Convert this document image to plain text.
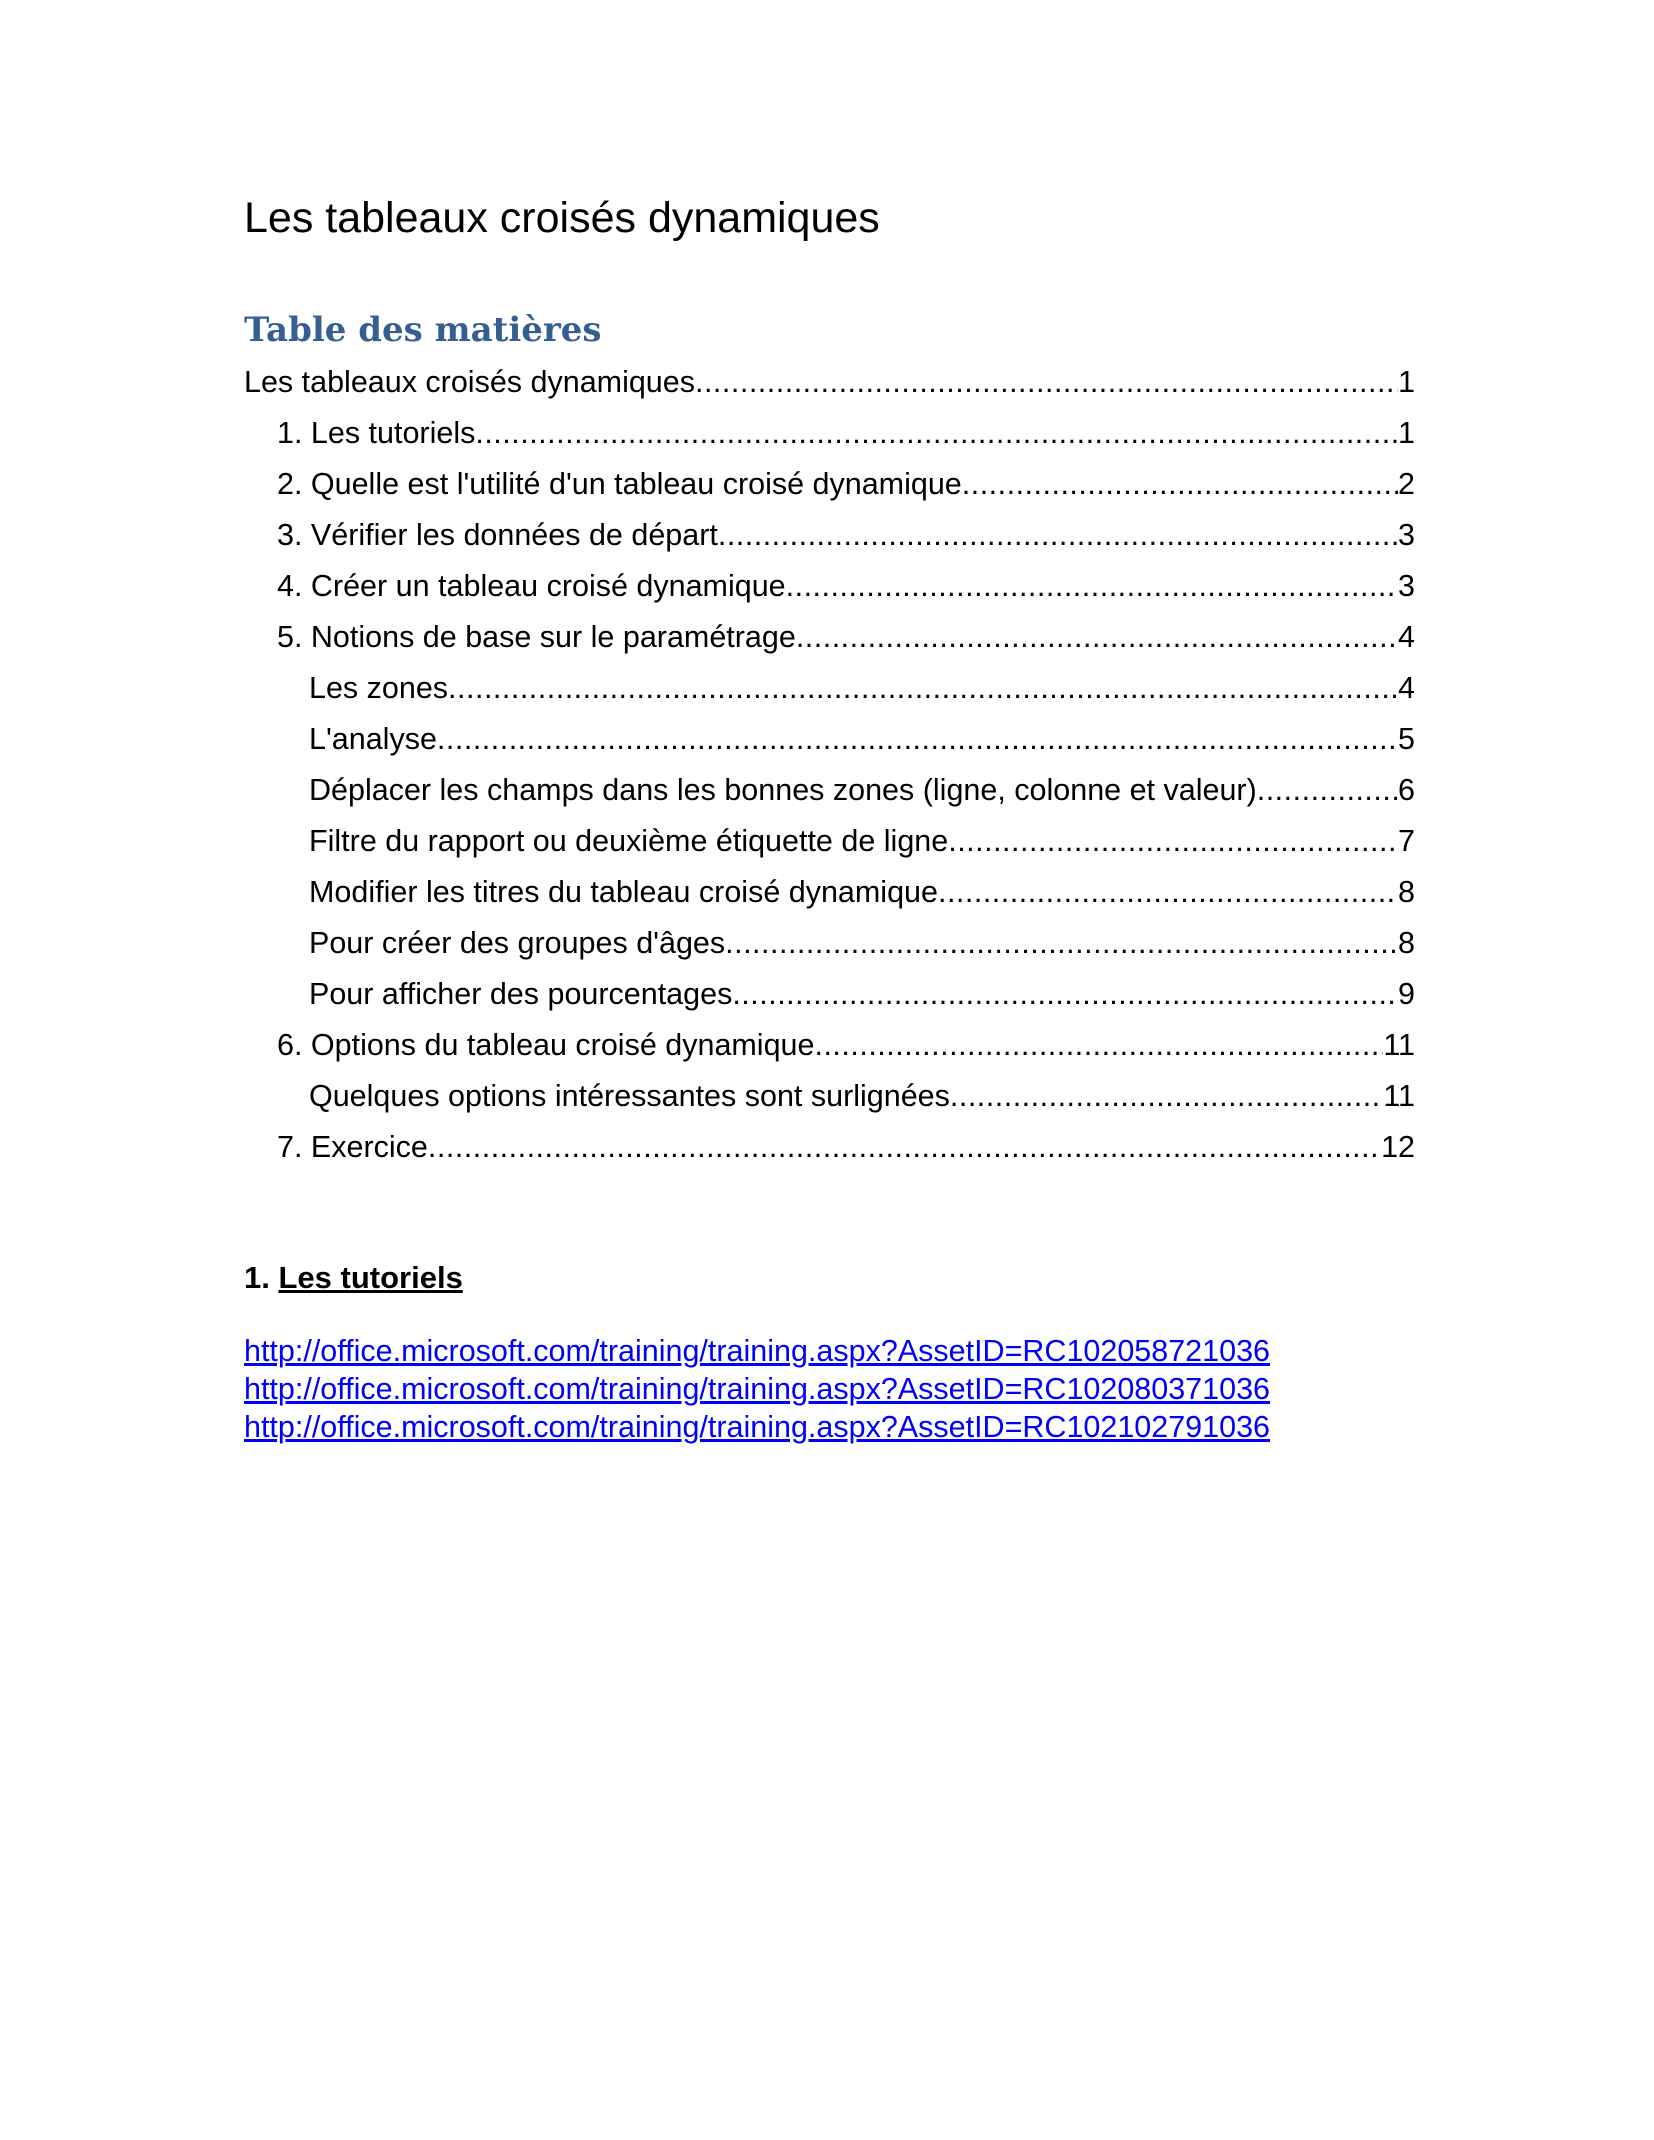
Les tableaux croisés dynamiques
Table des matières
Les tableaux croisés dynamiques .....	1
1. Les tutoriels .....	1
2. Quelle est l'utilité d'un tableau croisé dynamique .....	2
3. Vérifier les données de départ .....	3
4. Créer un tableau croisé dynamique .....	3
5. Notions de base sur le paramétrage .....	4
Les zones .....	4
L'analyse .....	5
Déplacer les champs dans les bonnes zones (ligne, colonne et valeur) .....	6
Filtre du rapport ou deuxième étiquette de ligne .....	7
Modifier les titres du tableau croisé dynamique .....	8
Pour créer des groupes d'âges .....	8
Pour afficher des pourcentages .....	9
6. Options du tableau croisé dynamique .....	11
Quelques options intéressantes sont surlignées .....	11
7. Exercice .....	12
1. Les tutoriels
http://office.microsoft.com/training/training.aspx?AssetID=RC102058721036
http://office.microsoft.com/training/training.aspx?AssetID=RC102080371036
http://office.microsoft.com/training/training.aspx?AssetID=RC102102791036
